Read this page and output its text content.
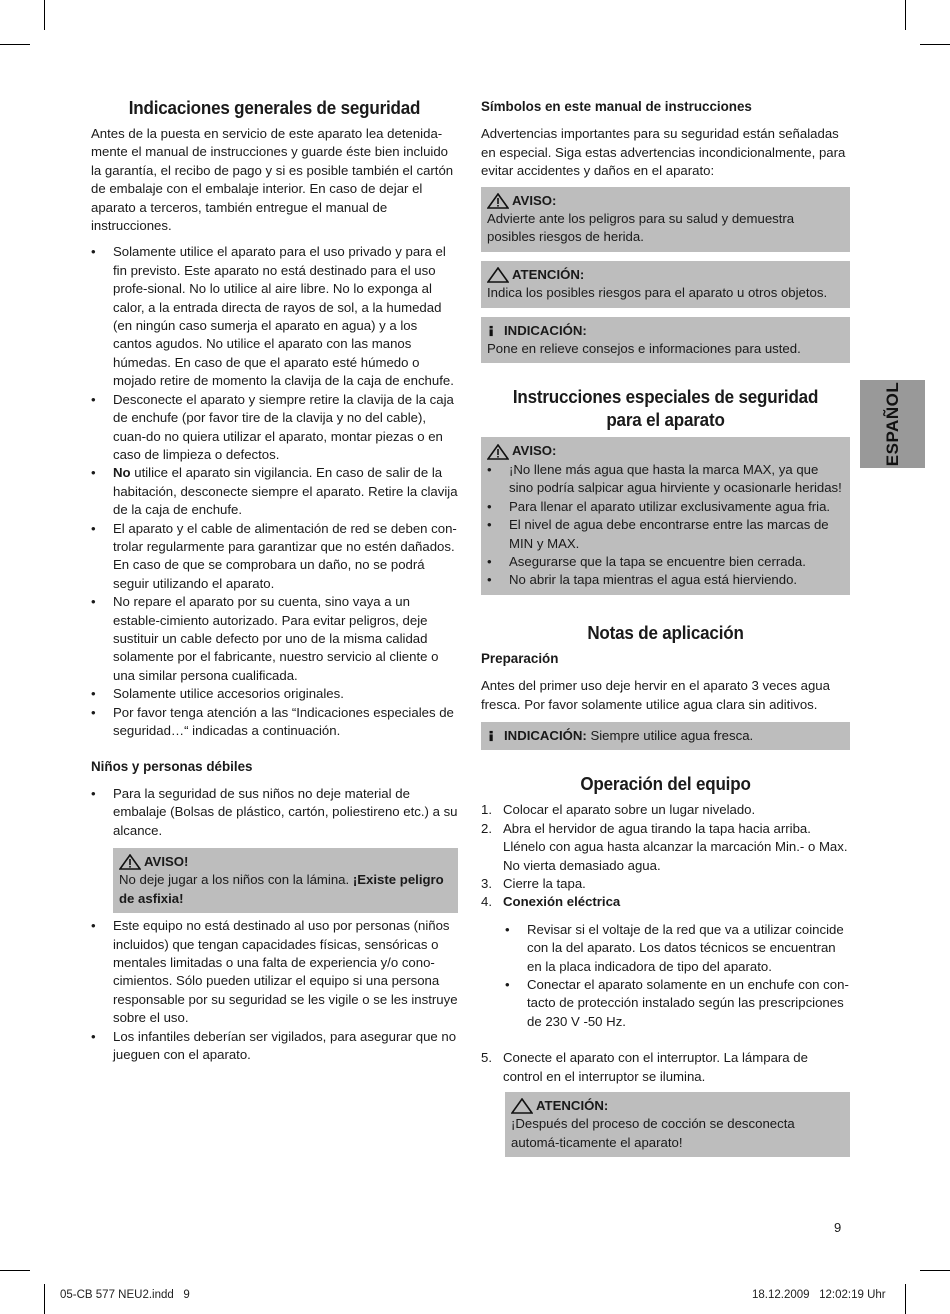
Indicaciones generales de seguridad

Antes de la puesta en servicio de este aparato lea detenida-mente el manual de instrucciones y guarde éste bien incluido la garantía, el recibo de pago y si es posible también el cartón de embalaje con el embalaje interior. En caso de dejar el aparato a terceros, también entregue el manual de instrucciones.

• Solamente utilice el aparato para el uso privado y para el fin previsto. Este aparato no está destinado para el uso profe-sional. No lo utilice al aire libre. No lo exponga al calor, a la entrada directa de rayos de sol, a la humedad (en ningún caso sumerja el aparato en agua) y a los cantos agudos. No utilice el aparato con las manos húmedas. En caso de que el aparato esté húmedo o mojado retire de momento la clavija de la caja de enchufe.
• Desconecte el aparato y siempre retire la clavija de la caja de enchufe (por favor tire de la clavija y no del cable), cuan-do no quiera utilizar el aparato, montar piezas o en caso de limpieza o defectos.
• No utilice el aparato sin vigilancia. En caso de salir de la habitación, desconecte siempre el aparato. Retire la clavija de la caja de enchufe.
• El aparato y el cable de alimentación de red se deben con-trolar regularmente para garantizar que no estén dañados. En caso de que se comprobara un daño, no se podrá seguir utilizando el aparato.
• No repare el aparato por su cuenta, sino vaya a un estable-cimiento autorizado. Para evitar peligros, deje sustituir un cable defecto por uno de la misma calidad solamente por el fabricante, nuestro servicio al cliente o una similar persona cualificada.
• Solamente utilice accesorios originales.
• Por favor tenga atención a las “Indicaciones especiales de seguridad…“ indicadas a continuación.
Niños y personas débiles
• Para la seguridad de sus niños no deje material de embalaje (Bolsas de plástico, cartón, poliestireno etc.) a su alcance.
AVISO!
No deje jugar a los niños con la lámina. ¡Existe peligro de asfixia!
• Este equipo no está destinado al uso por personas (niños incluidos) que tengan capacidades físicas, sensóricas o mentales limitadas o una falta de experiencia y/o cono-cimientos. Sólo pueden utilizar el equipo si una persona responsable por su seguridad se les vigile o se les instruye sobre el uso.
• Los infantiles deberían ser vigilados, para asegurar que no jueguen con el aparato.
Símbolos en este manual de instrucciones

Advertencias importantes para su seguridad están señaladas en especial. Siga estas advertencias incondicionalmente, para evitar accidentes y daños en el aparato:

AVISO:
Advierte ante los peligros para su salud y demuestra posibles riesgos de herida.
ATENCIÓN:
Indica los posibles riesgos para el aparato u otros objetos.
INDICACIÓN:
Pone en relieve consejos e informaciones para usted.
Instrucciones especiales de seguridad
para el aparato
AVISO:
• ¡No llene más agua que hasta la marca MAX, ya que sino podría salpicar agua hirviente y ocasionarle heridas!
• Para llenar el aparato utilizar exclusivamente agua fria.
• El nivel de agua debe encontrarse entre las marcas de MIN y MAX.
• Asegurarse que la tapa se encuentre bien cerrada.
• No abrir la tapa mientras el agua está hierviendo.
Notas de aplicación
Preparación

Antes del primer uso deje hervir en el aparato 3 veces agua fresca. Por favor solamente utilice agua clara sin aditivos.

INDICACIÓN: Siempre utilice agua fresca.
Operación del equipo
1. Colocar el aparato sobre un lugar nivelado.
2. Abra el hervidor de agua tirando la tapa hacia arriba. Llénelo con agua hasta alcanzar la marcación Min.- o Max. No vierta demasiado agua.
3. Cierre la tapa.
4. Conexión eléctrica
• Revisar si el voltaje de la red que va a utilizar coincide con la del aparato. Los datos técnicos se encuentran en la placa indicadora de tipo del aparato.
• Conectar el aparato solamente en un enchufe con con-tacto de protección instalado según las prescripciones de 230 V -50 Hz.
5. Conecte el aparato con el interruptor. La lámpara de control en el interruptor se ilumina.
ATENCIÓN:
¡Después del proceso de cocción se desconecta automá-ticamente el aparato!
ESPAÑOL
9
05-CB 577 NEU2.indd   9	18.12.2009   12:02:19 Uhr
